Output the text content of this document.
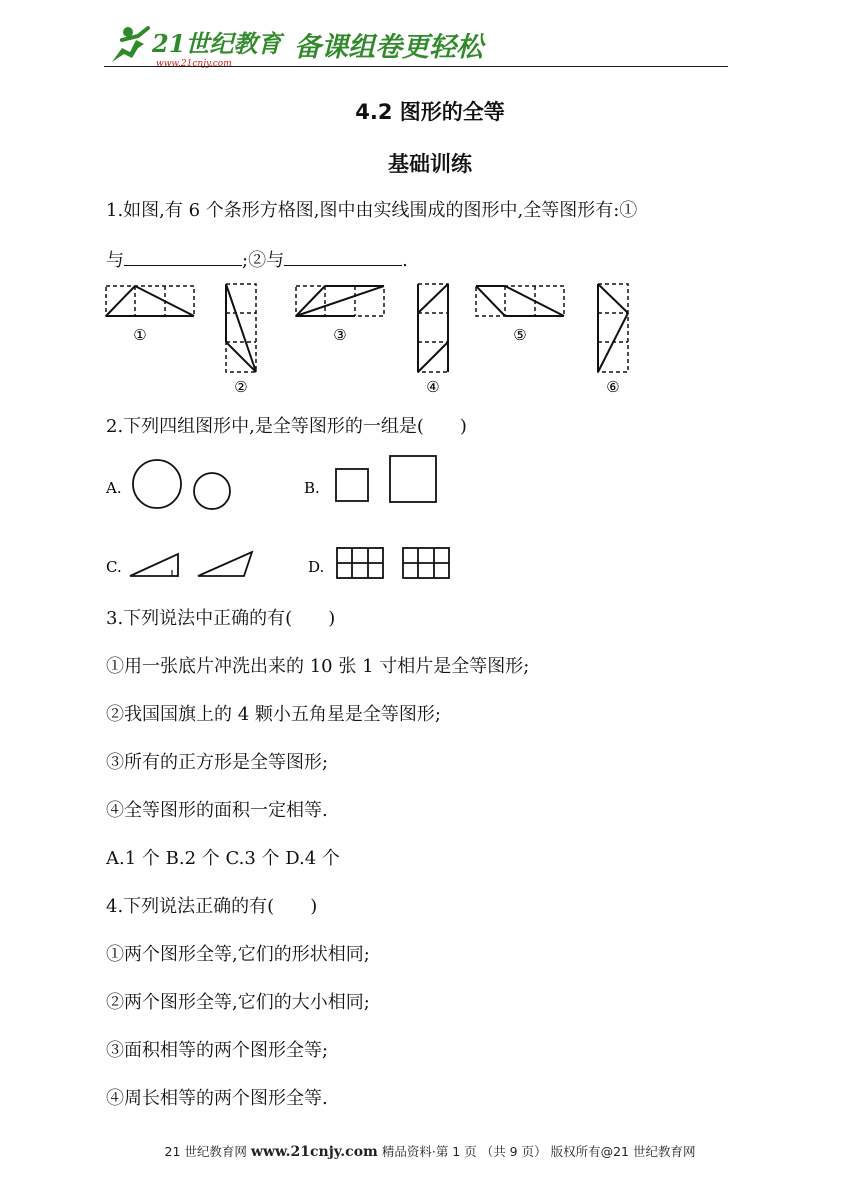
21世纪教育
www.21cnjy.com
备课组卷更轻松
4.2 图形的全等
基础训练
1.如图,有 6 个条形方格图,图中由实线围成的图形中,全等图形有:①
与	;②与	.
①
②
③
④
⑤
⑥
2.下列四组图形中,是全等图形的一组是(　　)
A.	B.
C.	D.
3.下列说法中正确的有(　　)
①用一张底片冲洗出来的 10 张 1 寸相片是全等图形;
②我国国旗上的 4 颗小五角星是全等图形;
③所有的正方形是全等图形;
④全等图形的面积一定相等.
A.1 个 B.2 个 C.3 个 D.4 个
4.下列说法正确的有(　　)
①两个图形全等,它们的形状相同;
②两个图形全等,它们的大小相同;
③面积相等的两个图形全等;
④周长相等的两个图形全等.
21 世纪教育网 www.21cnjy.com 精品资料·第 1 页 （共 9 页） 版权所有@21 世纪教育网
